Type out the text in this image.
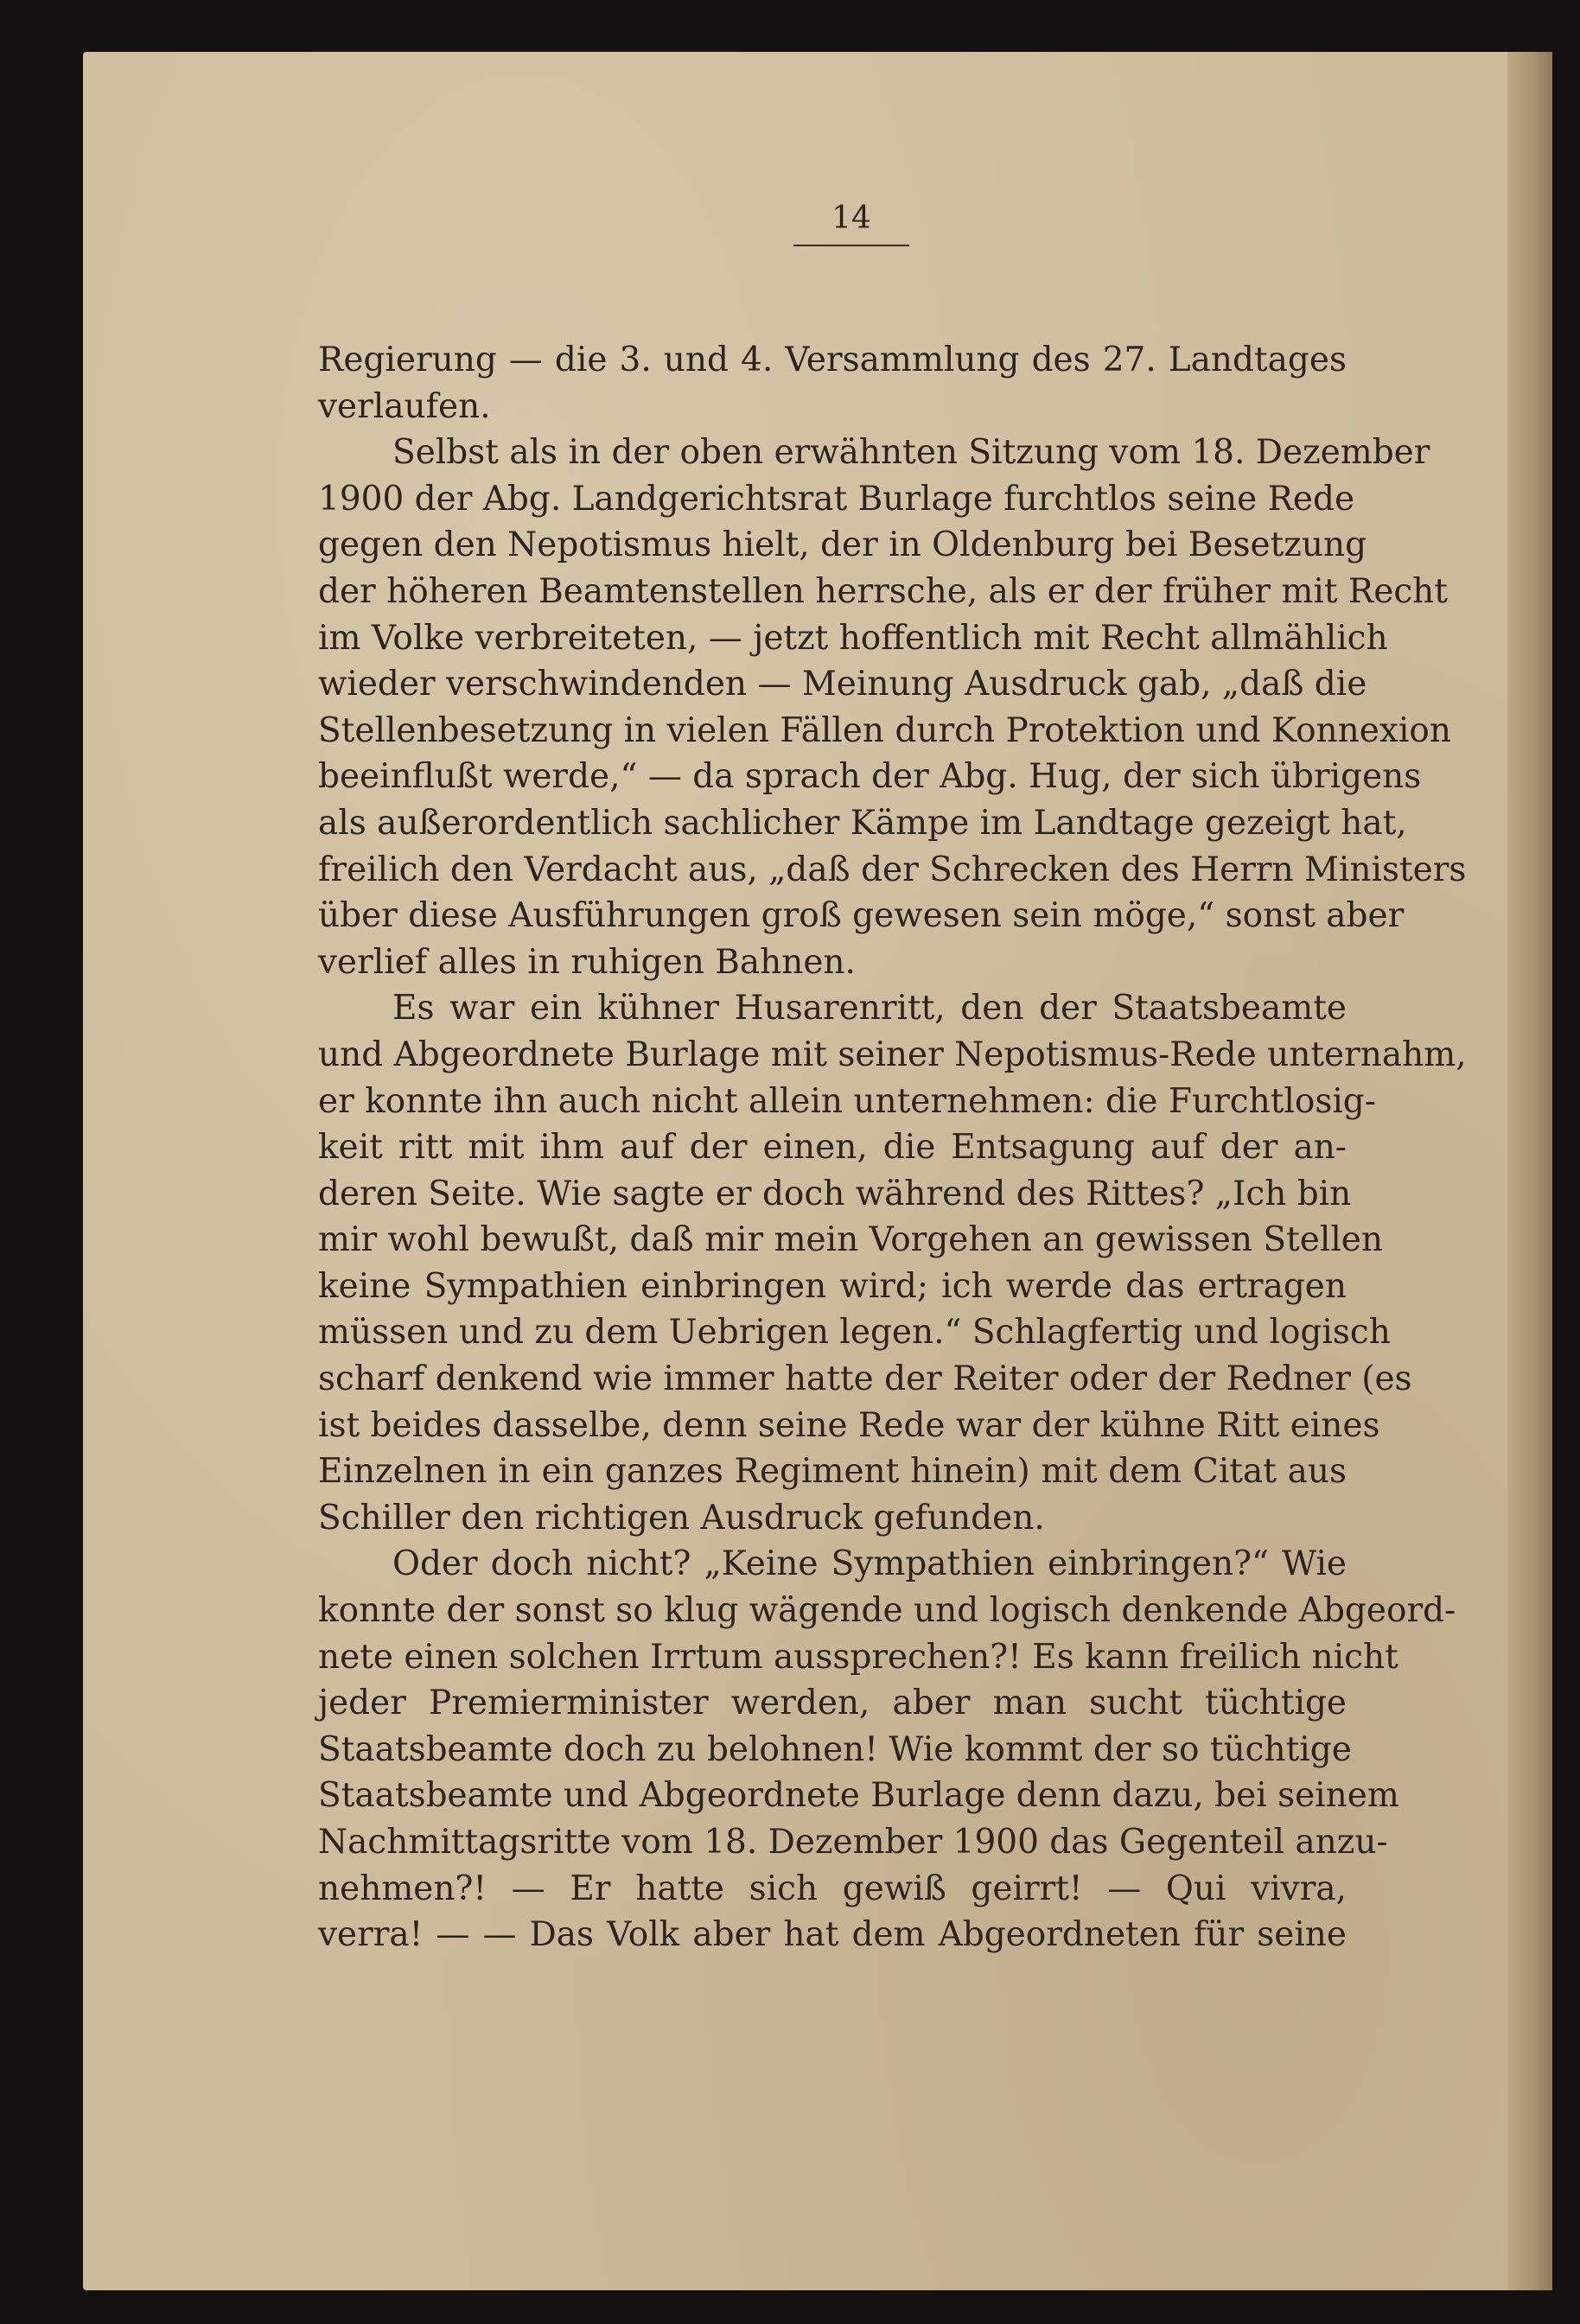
14
Regierung — die 3. und 4. Versammlung des 27. Landtages
verlaufen.
Selbst als in der oben erwähnten Sitzung vom 18. Dezember
1900 der Abg. Landgerichtsrat Burlage furchtlos seine Rede
gegen den Nepotismus hielt, der in Oldenburg bei Besetzung
der höheren Beamtenstellen herrsche, als er der früher mit Recht
im Volke verbreiteten, — jetzt hoffentlich mit Recht allmählich
wieder verschwindenden — Meinung Ausdruck gab, „daß die
Stellenbesetzung in vielen Fällen durch Protektion und Konnexion
beeinflußt werde,“ — da sprach der Abg. Hug, der sich übrigens
als außerordentlich sachlicher Kämpe im Landtage gezeigt hat,
freilich den Verdacht aus, „daß der Schrecken des Herrn Ministers
über diese Ausführungen groß gewesen sein möge,“ sonst aber
verlief alles in ruhigen Bahnen.
Es war ein kühner Husarenritt, den der Staatsbeamte
und Abgeordnete Burlage mit seiner Nepotismus-Rede unternahm,
er konnte ihn auch nicht allein unternehmen: die Furchtlosig-
keit ritt mit ihm auf der einen, die Entsagung auf der an-
deren Seite. Wie sagte er doch während des Rittes? „Ich bin
mir wohl bewußt, daß mir mein Vorgehen an gewissen Stellen
keine Sympathien einbringen wird; ich werde das ertragen
müssen und zu dem Uebrigen legen.“ Schlagfertig und logisch
scharf denkend wie immer hatte der Reiter oder der Redner (es
ist beides dasselbe, denn seine Rede war der kühne Ritt eines
Einzelnen in ein ganzes Regiment hinein) mit dem Citat aus
Schiller den richtigen Ausdruck gefunden.
Oder doch nicht? „Keine Sympathien einbringen?“ Wie
konnte der sonst so klug wägende und logisch denkende Abgeord-
nete einen solchen Irrtum aussprechen?! Es kann freilich nicht
jeder Premierminister werden, aber man sucht tüchtige
Staatsbeamte doch zu belohnen! Wie kommt der so tüchtige
Staatsbeamte und Abgeordnete Burlage denn dazu, bei seinem
Nachmittagsritte vom 18. Dezember 1900 das Gegenteil anzu-
nehmen?! — Er hatte sich gewiß geirrt! — Qui vivra,
verra! — — Das Volk aber hat dem Abgeordneten für seine
